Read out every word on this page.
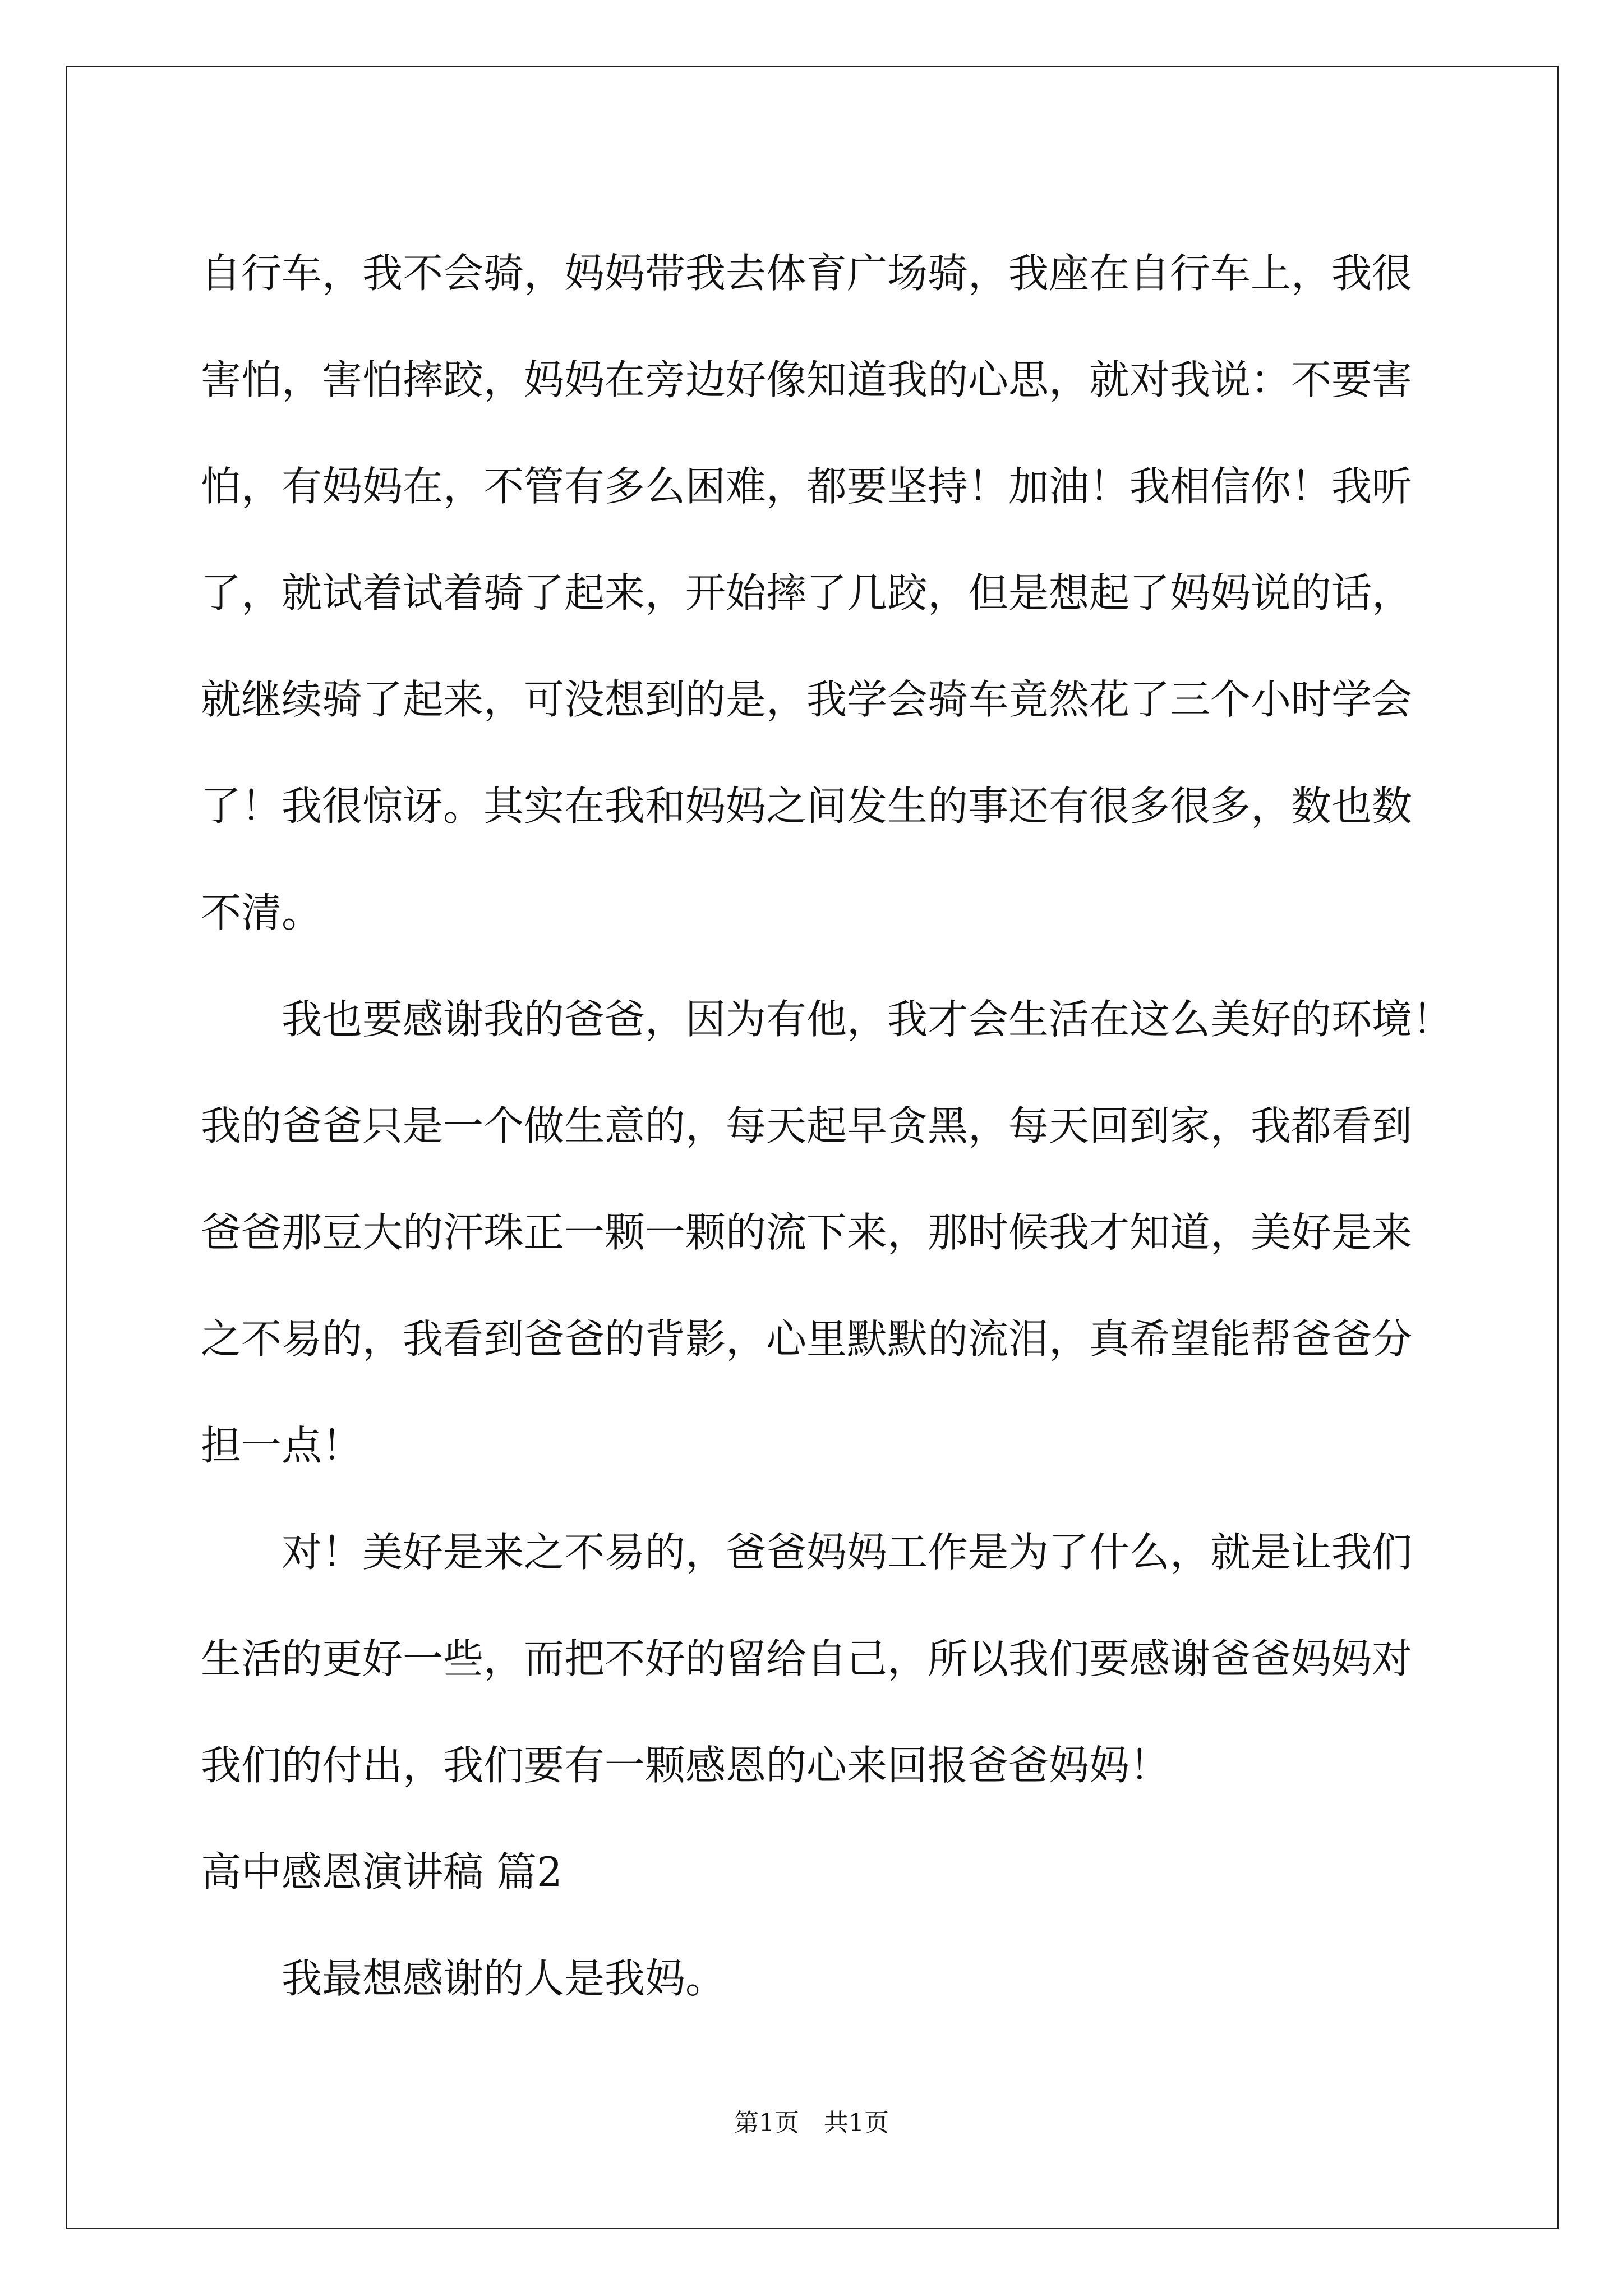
自行车，我不会骑，妈妈带我去体育广场骑，我座在自行车上，我很
害怕，害怕摔跤，妈妈在旁边好像知道我的心思，就对我说：不要害
怕，有妈妈在，不管有多么困难，都要坚持！加油！我相信你！我听
了，就试着试着骑了起来，开始摔了几跤，但是想起了妈妈说的话，
就继续骑了起来，可没想到的是，我学会骑车竟然花了三个小时学会
了！我很惊讶。其实在我和妈妈之间发生的事还有很多很多，数也数
不清。
我也要感谢我的爸爸，因为有他，我才会生活在这么美好的环境！
我的爸爸只是一个做生意的，每天起早贪黑，每天回到家，我都看到
爸爸那豆大的汗珠正一颗一颗的流下来，那时候我才知道，美好是来
之不易的，我看到爸爸的背影，心里默默的流泪，真希望能帮爸爸分
担一点！
对！美好是来之不易的，爸爸妈妈工作是为了什么，就是让我们
生活的更好一些，而把不好的留给自己，所以我们要感谢爸爸妈妈对
我们的付出，我们要有一颗感恩的心来回报爸爸妈妈！
高中感恩演讲稿 篇2
我最想感谢的人是我妈。
第1页　共1页
